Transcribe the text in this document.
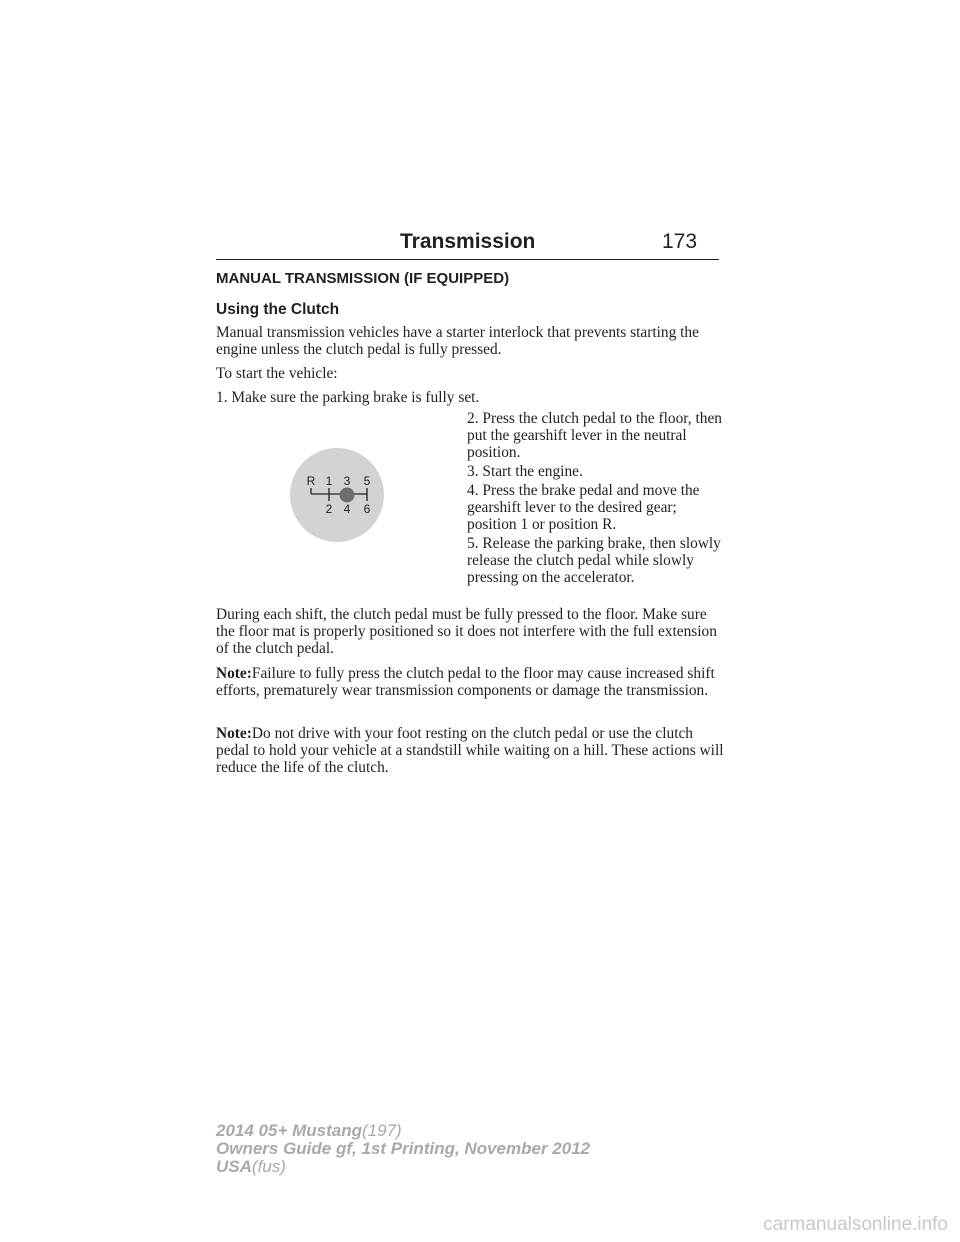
Transmission	173
MANUAL TRANSMISSION (IF EQUIPPED)
Using the Clutch

Manual transmission vehicles have a starter interlock that prevents starting the engine unless the clutch pedal is fully pressed.

To start the vehicle:

1. Make sure the parking brake is fully set.

R 1 3 5
2 4 6

2. Press the clutch pedal to the floor, then put the gearshift lever in the neutral position.

3. Start the engine.

4. Press the brake pedal and move the gearshift lever to the desired gear; position 1 or position R.

5. Release the parking brake, then slowly release the clutch pedal while slowly pressing on the accelerator.

During each shift, the clutch pedal must be fully pressed to the floor. Make sure the floor mat is properly positioned so it does not interfere with the full extension of the clutch pedal.

Note:Failure to fully press the clutch pedal to the floor may cause increased shift efforts, prematurely wear transmission components or damage the transmission.

Note:Do not drive with your foot resting on the clutch pedal or use the clutch pedal to hold your vehicle at a standstill while waiting on a hill. These actions will reduce the life of the clutch.

2014 05+ Mustang(197)
Owners Guide gf, 1st Printing, November 2012
USA(fus)
carmanualsonline.info
